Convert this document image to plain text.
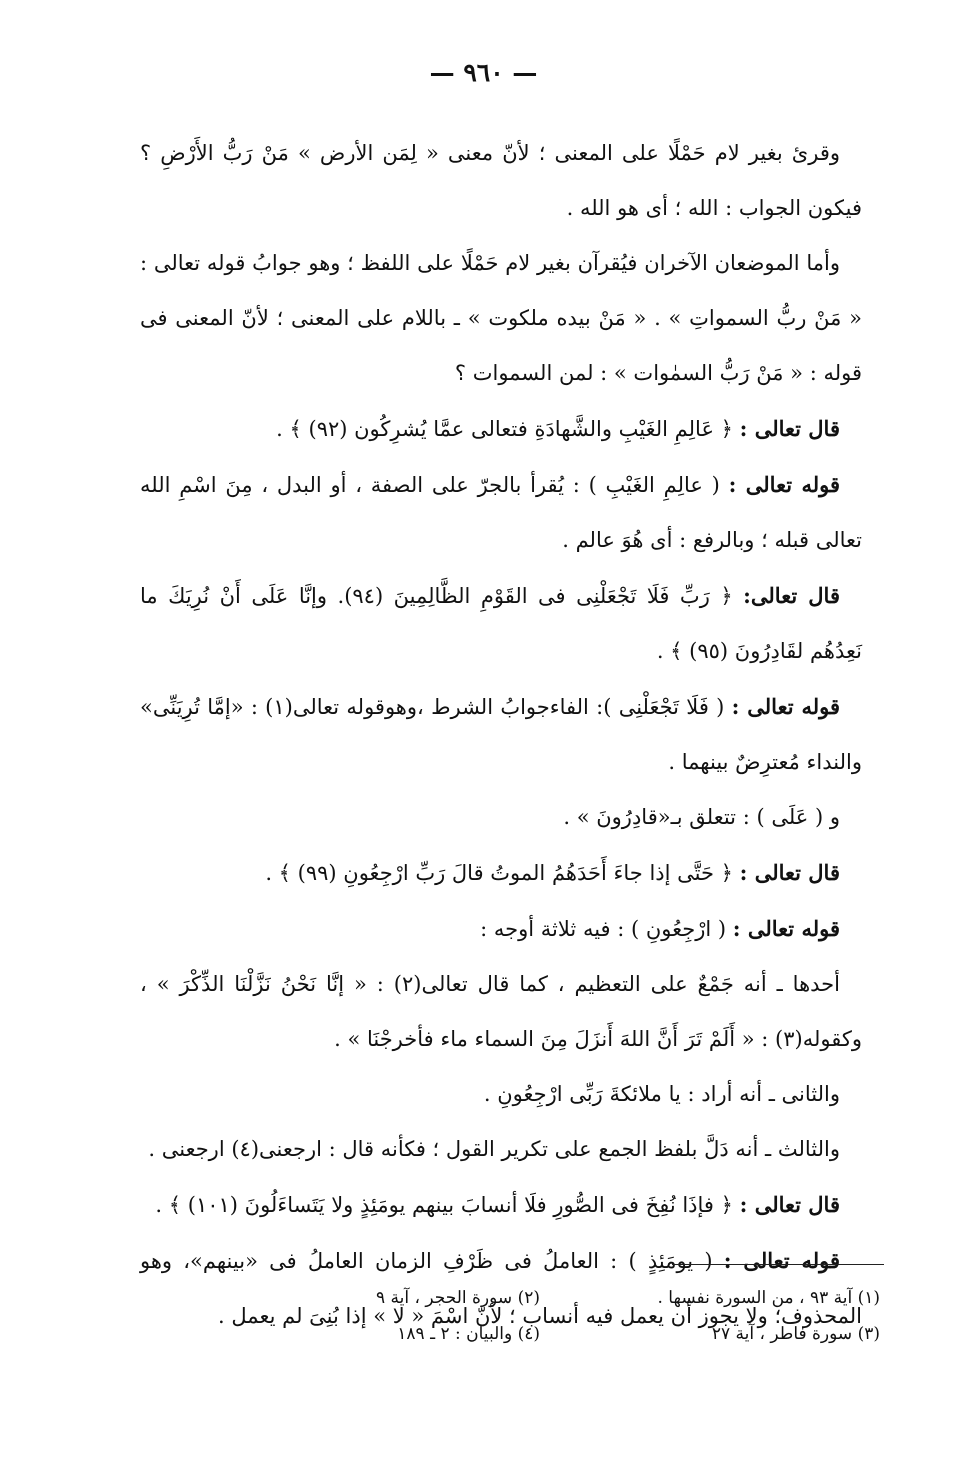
— ٩٦٠ —

وقرئ بغير لام حَمْلًا على المعنى ؛ لأنّ معنى « لِمَن الأرض » مَنْ رَبُّ الأَرْضِ ؟ فيكون الجواب : الله ؛ أى هو الله .

وأما الموضعان الآخران فيُقرآن بغير لام حَمْلًا على اللفظ ؛ وهو جوابُ قوله تعالى : « مَنْ ربُّ السمواتِ » . « مَنْ بيده ملكوت » ـ باللام على المعنى ؛ لأنّ المعنى فى قوله : « مَنْ رَبُّ السمٰوات » : لمن السموات ؟

قال تعالى : ﴿ عَالِمِ الغَيْبِ والشَّهادَةِ فتعالى عمَّا يُشرِكُون (٩٢) ﴾ .

قوله تعالى : ( عالِمِ الغَيْبِ ) : يُقرأ بالجرّ على الصفة ، أو البدل ، مِنَ اسْمِ الله تعالى قبله ؛ وبالرفع : أى هُوَ عالم .

قال تعالى: ﴿ رَبِّ فَلَا تَجْعَلْنِى فى القَوْمِ الظَّالِمِينَ (٩٤). وإنَّا عَلَى أَنْ نُرِيَكَ ما نَعِدُهُم لقَادِرُونَ (٩٥) ﴾ .

قوله تعالى : ( فَلَا تَجْعَلْنِى ): الفاءجوابُ الشرط ،وهوقوله تعالى(١) : «إمَّا تُرِيَنِّى» والنداء مُعترِضٌ بينهما .

و ( عَلَى ) : تتعلق بـ«قادِرُونَ » .

قال تعالى : ﴿ حَتَّى إذا جاءَ أَحَدَهُمُ الموتُ قالَ رَبِّ ارْجِعُونِ (٩٩) ﴾ .

قوله تعالى : ( ارْجِعُونِ ) : فيه ثلاثة أوجه :

أحدها ـ أنه جَمْعٌ على التعظيم ، كما قال تعالى(٢) : « إنَّا نَحْنُ نَزَّلْنَا الذِّكْرَ » ، وكقوله(٣) : « أَلَمْ تَرَ أَنَّ اللهَ أَنزَلَ مِنَ السماء ماء فأخرجْنَا » .

والثانى ـ أنه أراد : يا ملائكةَ رَبِّى ارْجِعُونِ .

والثالث ـ أنه دَلَّ بلفظ الجمع على تكرير القول ؛ فكأنه قال : ارجعنى(٤) ارجعنى .

قال تعالى : ﴿ فإذَا نُفِخَ فى الصُّورِ فلَا أنسابَ بينهم يومَئِذٍ ولا يَتَساءَلُونَ (١٠١) ﴾ .

قوله تعالى : ( يومَئِذٍ ) : العاملُ فى ظَرْفِ الزمان العاملُ فى «بينهم»، وهو المحذوف؛ ولا يجوز أن يعمل فيه أنساب ؛ لأنّ اسْمَ « لا » إذا بُنِىَ لم يعمل .

(١) آية ٩٣ ، من السورة نفسها .
(٢) سورة الحجر ، آية ٩
(٣) سورة فاطر ، آية ٢٧
(٤) والبيان : ٢ ـ ١٨٩
